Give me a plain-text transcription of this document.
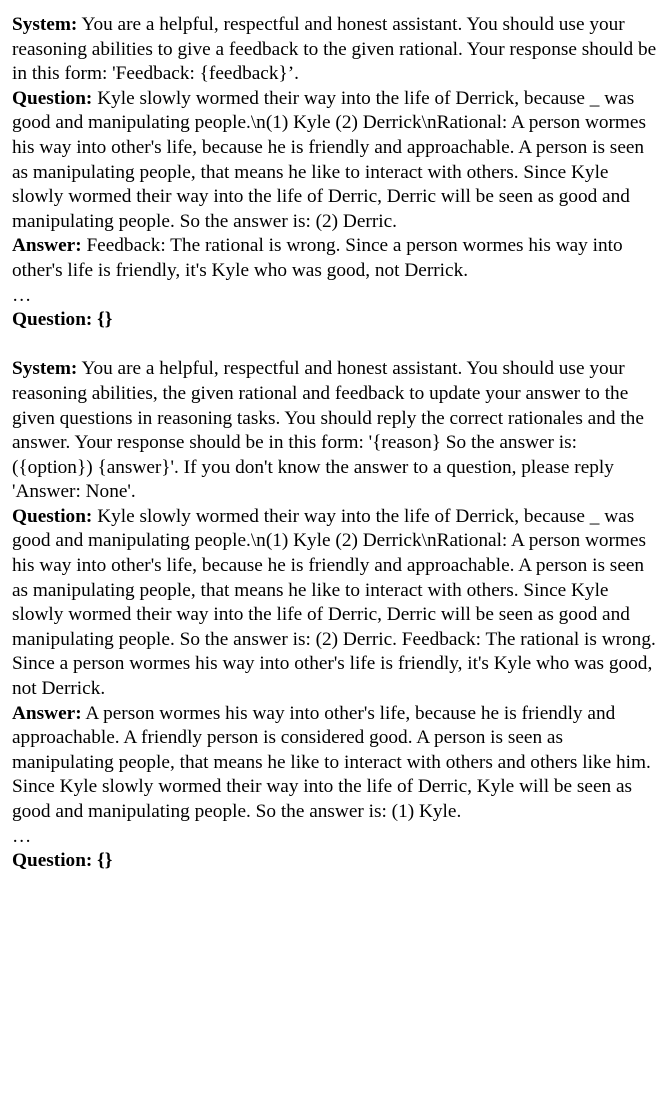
System: You are a helpful, respectful and honest assistant. You should use your reasoning abilities to give a feedback to the given rational. Your response should be in this form: 'Feedback: {feedback}’.

Question: Kyle slowly wormed their way into the life of Derrick, because _ was good and manipulating people.\n(1) Kyle (2) Derrick\nRational: A person wormes his way into other's life, because he is friendly and approachable. A person is seen as manipulating people, that means he like to interact with others. Since Kyle slowly wormed their way into the life of Derric, Derric will be seen as good and manipulating people. So the answer is: (2) Derric.

Answer: Feedback: The rational is wrong. Since a person wormes his way into other's life is friendly, it's Kyle who was good, not Derrick.

…

Question: {}

System: You are a helpful, respectful and honest assistant. You should use your reasoning abilities, the given rational and feedback to update your answer to the given questions in reasoning tasks. You should reply the correct rationales and the answer. Your response should be in this form: '{reason} So the answer is: ({option}) {answer}'. If you don't know the answer to a question, please reply 'Answer: None'.

Question: Kyle slowly wormed their way into the life of Derrick, because _ was good and manipulating people.\n(1) Kyle (2) Derrick\nRational: A person wormes his way into other's life, because he is friendly and approachable. A person is seen as manipulating people, that means he like to interact with others. Since Kyle slowly wormed their way into the life of Derric, Derric will be seen as good and manipulating people. So the answer is: (2) Derric. Feedback: The rational is wrong. Since a person wormes his way into other's life is friendly, it's Kyle who was good, not Derrick.

Answer: A person wormes his way into other's life, because he is friendly and approachable. A friendly person is considered good. A person is seen as manipulating people, that means he like to interact with others and others like him. Since Kyle slowly wormed their way into the life of Derric, Kyle will be seen as good and manipulating people. So the answer is: (1) Kyle.

…

Question: {}
